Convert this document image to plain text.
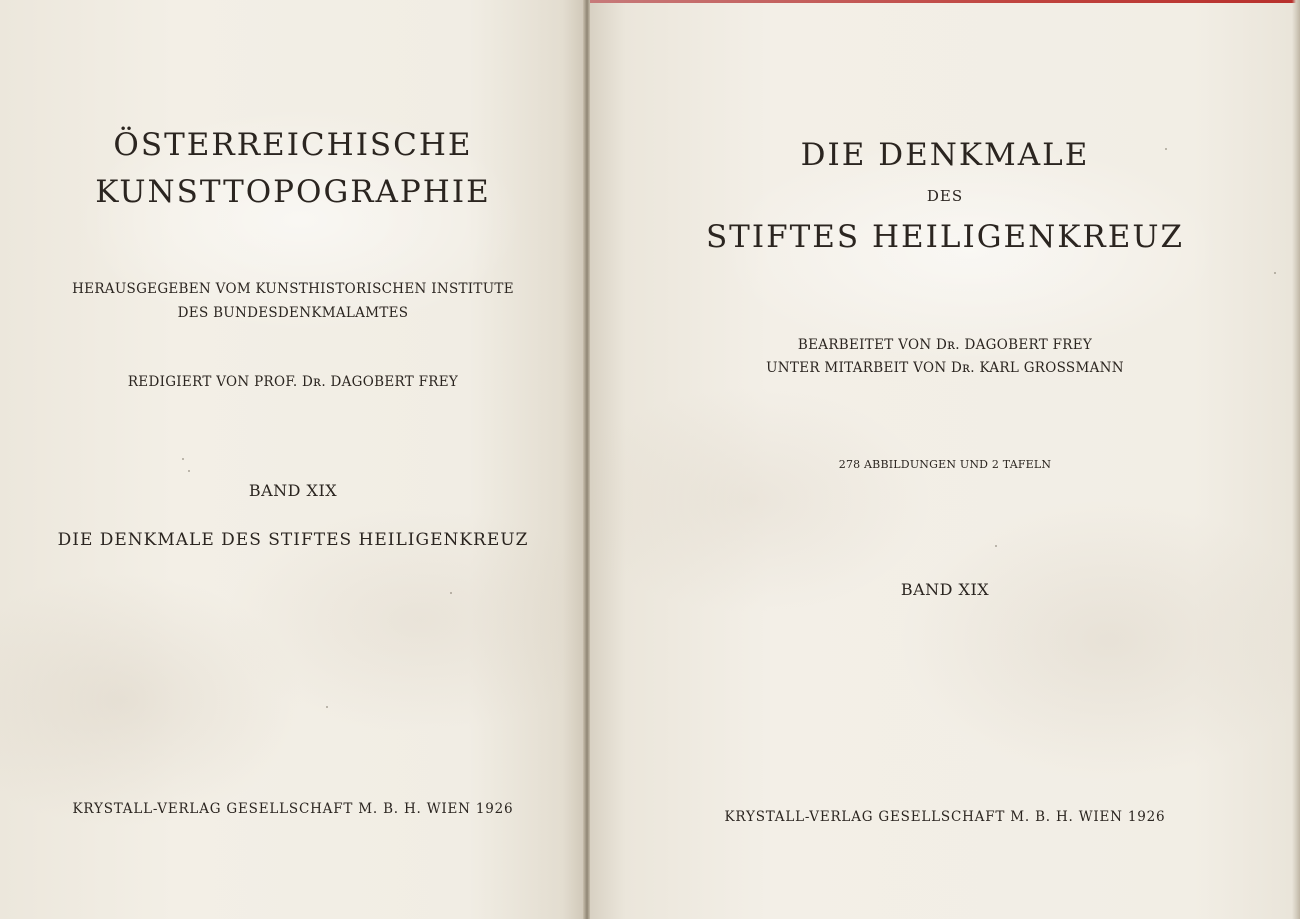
ÖSTERREICHISCHE

KUNSTTOPOGRAPHIE

HERAUSGEGEBEN VOM KUNSTHISTORISCHEN INSTITUTE

DES BUNDESDENKMALAMTES

REDIGIERT VON PROF. Dʀ. DAGOBERT FREY

BAND XIX

DIE DENKMALE DES STIFTES HEILIGENKREUZ

KRYSTALL-VERLAG GESELLSCHAFT M. B. H. WIEN 1926

DIE DENKMALE

DES

STIFTES HEILIGENKREUZ

BEARBEITET VON Dʀ. DAGOBERT FREY

UNTER MITARBEIT VON Dʀ. KARL GROSSMANN

278 ABBILDUNGEN UND 2 TAFELN

BAND XIX

KRYSTALL-VERLAG GESELLSCHAFT M. B. H. WIEN 1926
